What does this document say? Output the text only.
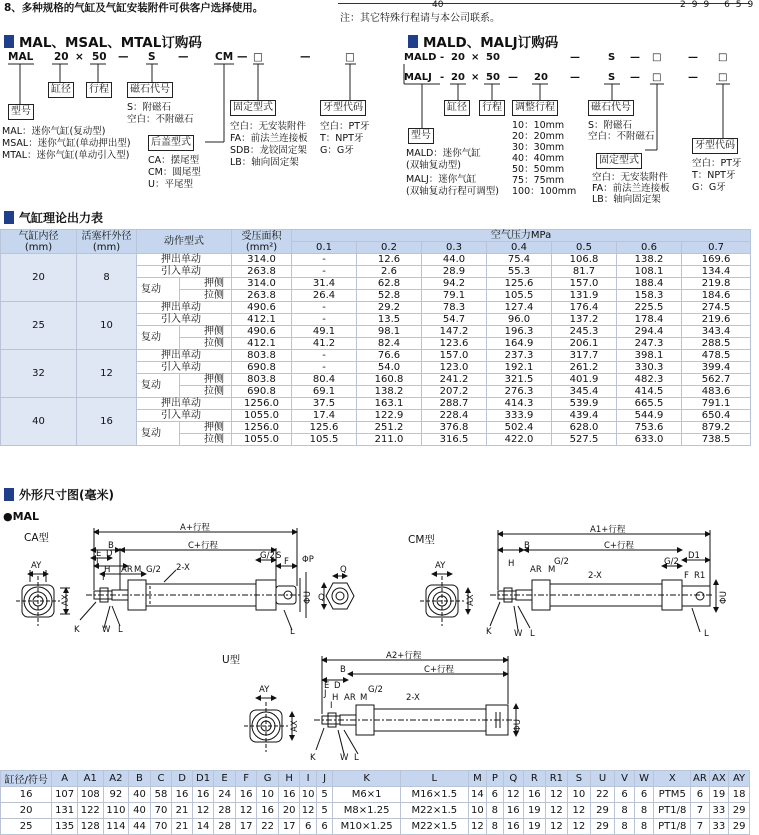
8、多种规格的气缸及气缸安装附件可供客户选择使用。	299 659
40
注：其它特殊行程请与本公司联系。
MAL、MSAL、MTAL订购码
MAL 20 × 50 — S —	CM — □	—	□
型号
缸径	行程	磁石代号
后盖型式
固定型式	牙型代码
MAL：迷你气缸(复动型)
MSAL：迷你气缸(单动押出型)
MTAL：迷你气缸(单动引入型)
S：附磁石
空白：不附磁石
CA：摆尾型
CM：圆尾型
U：平尾型
空白：无安装附件
FA：前法兰连接板
SDB：龙铰固定架
LB：轴向固定架
空白：PT牙
T：NPT牙
G：G牙
MALD、MALJ订购码
MALD - 20 × 50	—	S — □	— □
MALJ - 20 × 50 — 20 —	S — □	— □
型号
缸径	行程	调整行程	磁石代号
固定型式
牙型代码
MALD：迷你气缸
(双轴复动型)
MALJ：迷你气缸
(双轴复动行程可调型)
10：10mm
20：20mm
30：30mm
40：40mm
50：50mm
75：75mm
100：100mm
S：附磁石
空白：不附磁石
空白：无安装附件
FA：前法兰连接板
LB：轴向固定架
空白：PT牙
T：NPT牙
G：G牙
气缸理论出力表
气缸内径
(mm)	活塞杆外径
(mm)	动作型式		受压面积
(mm²)	空气压力MPa						
					0.1	0.2	0.3	0.4	0.5	0.6	0.7
20	8	押出单动		314.0	-	12.6	44.0	75.4	106.8	138.2	169.6
		引入单动		263.8	-	2.6	28.9	55.3	81.7	108.1	134.4
		复动	押侧	314.0	31.4	62.8	94.2	125.6	157.0	188.4	219.8
			拉侧	263.8	26.4	52.8	79.1	105.5	131.9	158.3	184.6
25	10	押出单动		490.6	-	29.2	78.3	127.4	176.4	225.5	274.5
		引入单动		412.1	-	13.5	54.7	96.0	137.2	178.4	219.6
		复动	押侧	490.6	49.1	98.1	147.2	196.3	245.3	294.4	343.4
			拉侧	412.1	41.2	82.4	123.6	164.9	206.1	247.3	288.5
32	12	押出单动		803.8	-	76.6	157.0	237.3	317.7	398.1	478.5
		引入单动		690.8	-	54.0	123.0	192.1	261.2	330.3	399.4
		复动	押侧	803.8	80.4	160.8	241.2	321.5	401.9	482.3	562.7
			拉侧	690.8	69.1	138.2	207.2	276.3	345.4	414.5	483.6
40	16	押出单动		1256.0	37.5	163.1	288.7	414.3	539.9	665.5	791.1
		引入单动		1055.0	17.4	122.9	228.4	333.9	439.4	544.9	650.4
		复动	押侧	1256.0	125.6	251.2	376.8	502.4	628.0	753.6	879.2
			拉侧	1055.0	105.5	211.0	316.5	422.0	527.5	633.0	738.5
外形尺寸图(毫米)
●MAL
CA型	CM型
U型
AY
AX
A+行程
C+行程
B
E D
J
H
I
AR M G/2
G/2 S
F
2-X
ΦP
ΦU
K	W L	L
Q
Q
AY
AX
A1+行程
C+行程
B
H
AR M
G/2
2-X
G/2
D1
F R1
ΦU
K	W L	L
AY
AX
A2+行程
C+行程
B
E D
J H
I
AR M
G/2
2-X
ΦU
K	W L
缸径/符号	A	A1	A2	B	C	D	D1	E	F	G	H	I	J	K	L	M	P	Q	R	R1	S	U	V	W	X	AR	AX	AY
16	107	108	92	40	58	16	16	24	16	10	16	10	5	M6×1	M16×1.5	14	6	12	16	12	10	22	6	6	PTM5	6	19	18
20	131	122	110	40	70	21	12	28	12	16	20	12	5	M8×1.25	M22×1.5	10	8	16	19	12	12	29	8	8	PT1/8	7	33	29
25	135	128	114	44	70	21	14	28	17	22	17	6	6	M10×1.25	M22×1.5	12	8	16	19	12	12	29	8	8	PT1/8	7	33	29
